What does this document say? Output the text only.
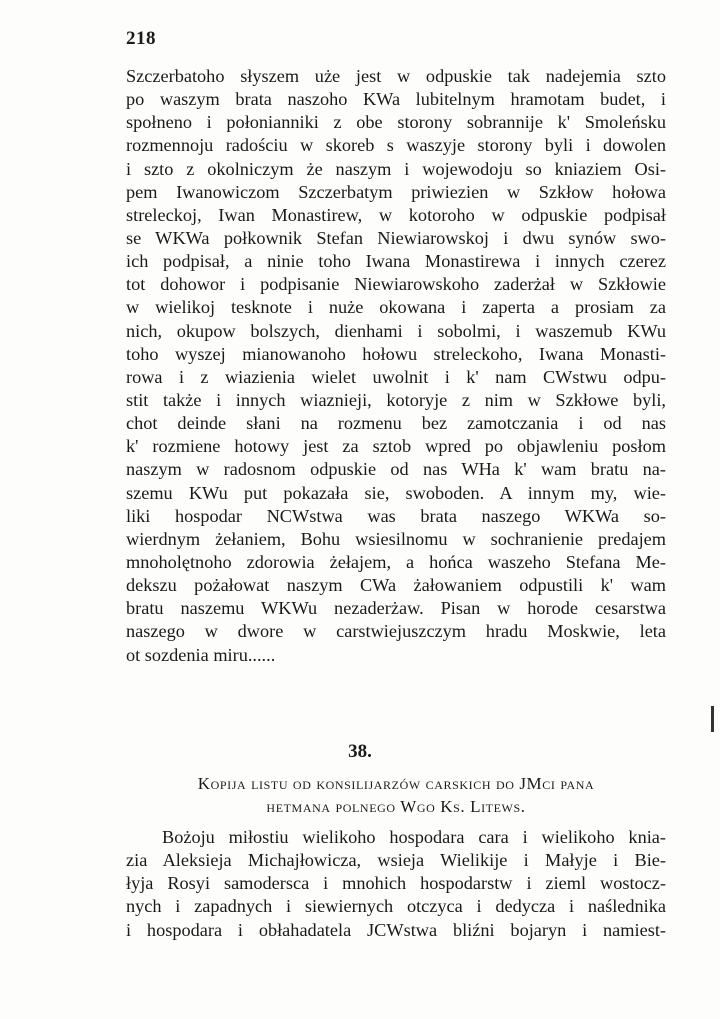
218
Szczerbatoho słyszem uże jest w odpuskie tak nadejemia szto
po waszym brata naszoho KWa lubitelnym hramotam budet, i
społneno i połonianniki z obe storony sobrannije k' Smoleńsku
rozmennoju radościu w skoreb s waszyje storony byli i dowolen
i szto z okolniczym że naszym i wojewodoju so kniaziem Osi-
pem Iwanowiczom Szczerbatym priwiezien w Szkłow hołowa
streleckoj, Iwan Monastirew, w kotoroho w odpuskie podpisał
se WKWa połkownik Stefan Niewiarowskoj i dwu synów swo-
ich podpisał, a ninie toho Iwana Monastirewa i innych czerez
tot dohowor i podpisanie Niewiarowskoho zaderżał w Szkłowie
w wielikoj tesknote i nuże okowana i zaperta a prosiam za
nich, okupow bolszych, dienhami i sobolmi, i waszemub KWu
toho wyszej mianowanoho hołowu streleckoho, Iwana Monasti-
rowa i z wiazienia wielet uwolnit i k' nam CWstwu odpu-
stit także i innych wiaznieji, kotoryje z nim w Szkłowe byli,
chot deinde słani na rozmenu bez zamotczania i od nas
k' rozmiene hotowy jest za sztob wpred po objawleniu posłom
naszym w radosnom odpuskie od nas WHa k' wam bratu na-
szemu KWu put pokazała sie, swoboden. A innym my, wie-
liki hospodar NCWstwa was brata naszego WKWa so-
wierdnym żełaniem, Bohu wsiesilnomu w sochranienie predajem
mnoholętnoho zdorowia żełajem, a hońca waszeho Stefana Me-
dekszu pożałowat naszym CWa żałowaniem odpustili k' wam
bratu naszemu WKWu nezaderżaw. Pisan w horode cesarstwa
naszego w dwore w carstwiejuszczym hradu Moskwie, leta
ot sozdenia miru......
38.
Kopija listu od konsilijarzów carskich do JMci pana
hetmana polnego Wgo Ks. Litews.
Bożoju miłostiu wielikoho hospodara cara i wielikoho knia-
zia Aleksieja Michajłowicza, wsieja Wielikije i Małyje i Bie-
łyja Rosyi samodersca i mnohich hospodarstw i zieml wostocz-
nych i zapadnych i siewiernych otczyca i dedycza i naślednika
i hospodara i obłahadatela JCWstwa bliźni bojaryn i namiest-
